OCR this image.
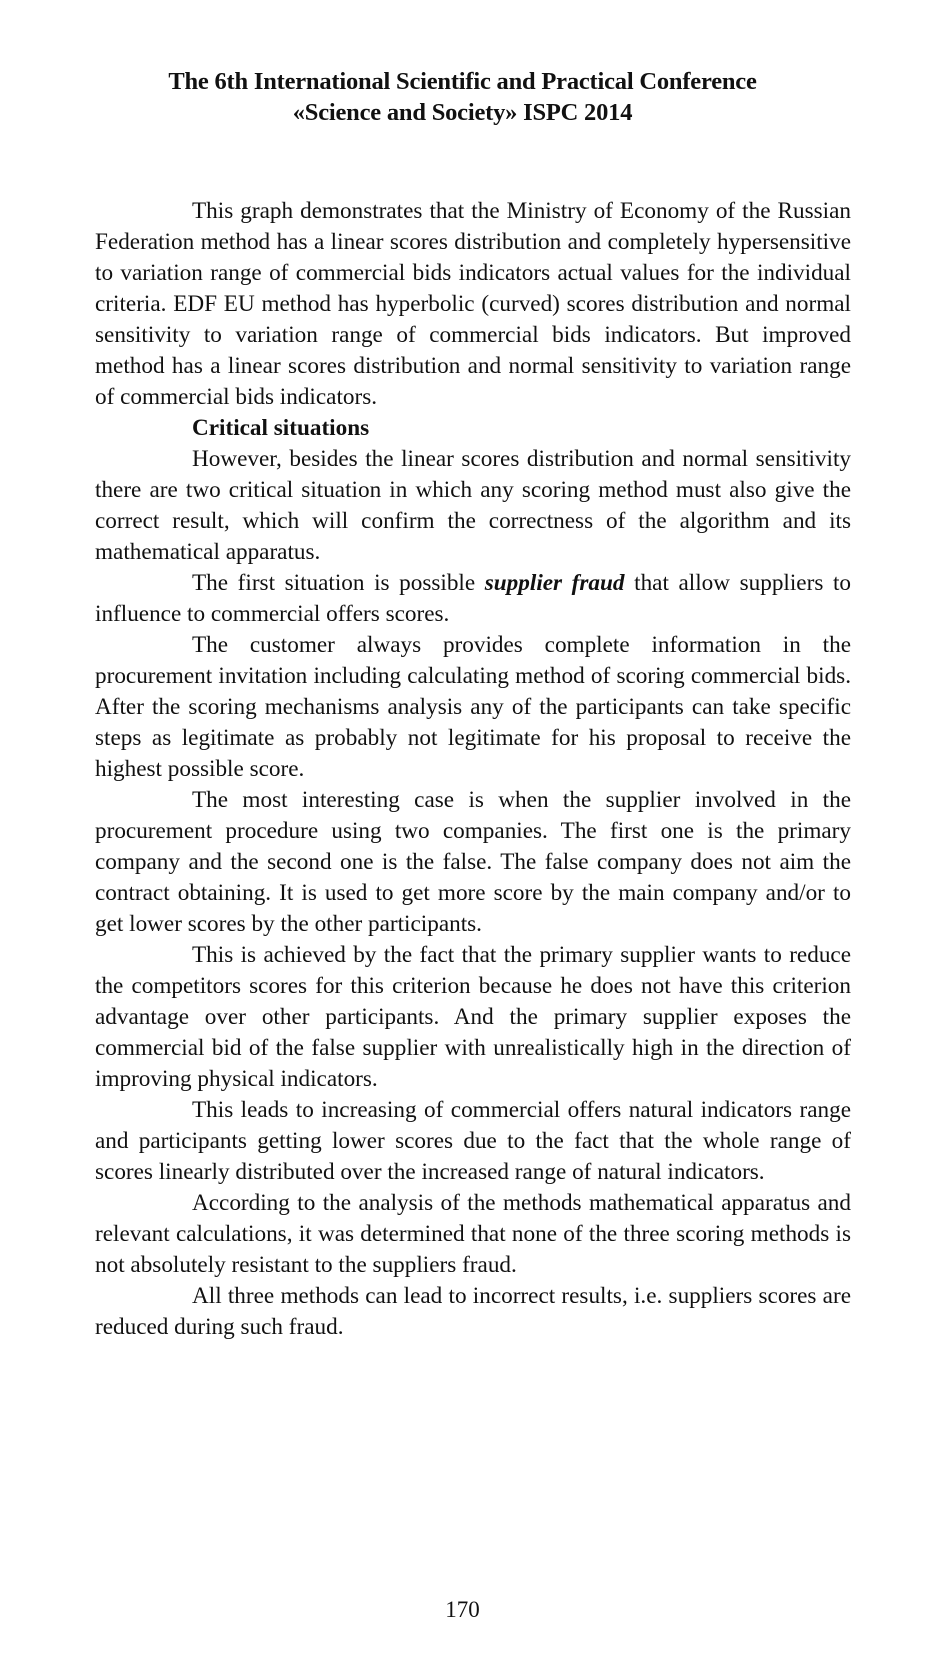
The 6th International Scientific and Practical Conference
«Science and Society» ISPC 2014

This graph demonstrates that the Ministry of Economy of the Russian Federation method has a linear scores distribution and completely hypersensitive to variation range of commercial bids indicators actual values for the individual criteria. EDF EU method has hyperbolic (curved) scores distribution and normal sensitivity to variation range of commercial bids indicators. But improved method has a linear scores distribution and normal sensitivity to variation range of commercial bids indicators.

Critical situations

However, besides the linear scores distribution and normal sensitivity there are two critical situation in which any scoring method must also give the correct result, which will confirm the correctness of the algorithm and its mathematical apparatus.

The first situation is possible supplier fraud that allow suppliers to influence to commercial offers scores.

The customer always provides complete information in the procurement invitation including calculating method of scoring commercial bids. After the scoring mechanisms analysis any of the participants can take specific steps as legitimate as probably not legitimate for his proposal to receive the highest possible score.

The most interesting case is when the supplier involved in the procurement procedure using two companies. The first one is the primary company and the second one is the false. The false company does not aim the contract obtaining. It is used to get more score by the main company and/or to get lower scores by the other participants.

This is achieved by the fact that the primary supplier wants to reduce the competitors scores for this criterion because he does not have this criterion advantage over other participants. And the primary supplier exposes the commercial bid of the false supplier with unrealistically high in the direction of improving physical indicators.

This leads to increasing of commercial offers natural indicators range and participants getting lower scores due to the fact that the whole range of scores linearly distributed over the increased range of natural indicators.

According to the analysis of the methods mathematical apparatus and relevant calculations, it was determined that none of the three scoring methods is not absolutely resistant to the suppliers fraud.

All three methods can lead to incorrect results, i.e. suppliers scores are reduced during such fraud.

170
